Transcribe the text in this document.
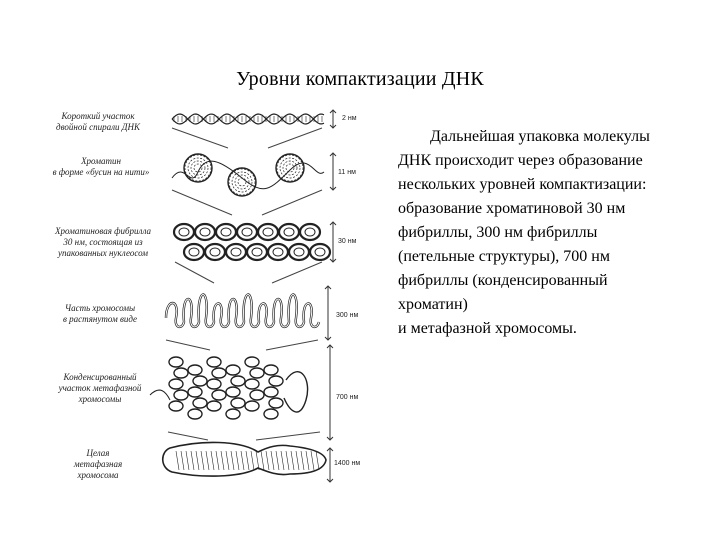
Уровни компактизации ДНК
Дальнейшая упаковка молекулы
ДНК происходит через образование
нескольких уровней компактизации:
образование хроматиновой 30 нм
фибриллы, 300 нм фибриллы
(петельные структуры), 700 нм
фибриллы (конденсированный
хроматин)
и метафазной хромосомы.
Короткий участок
двойной спирали ДНК
Хроматин
в форме «бусин на нити»
Хроматиновая фибрилла
30 нм, состоящая из
упакованных нуклеосом
Часть хромосомы
в растянутом виде
Конденсированный
участок метафазной
хромосомы
Целая
метафазная
хромосома
2 нм
11 нм
30 нм
300 нм
700 нм
1400 нм
